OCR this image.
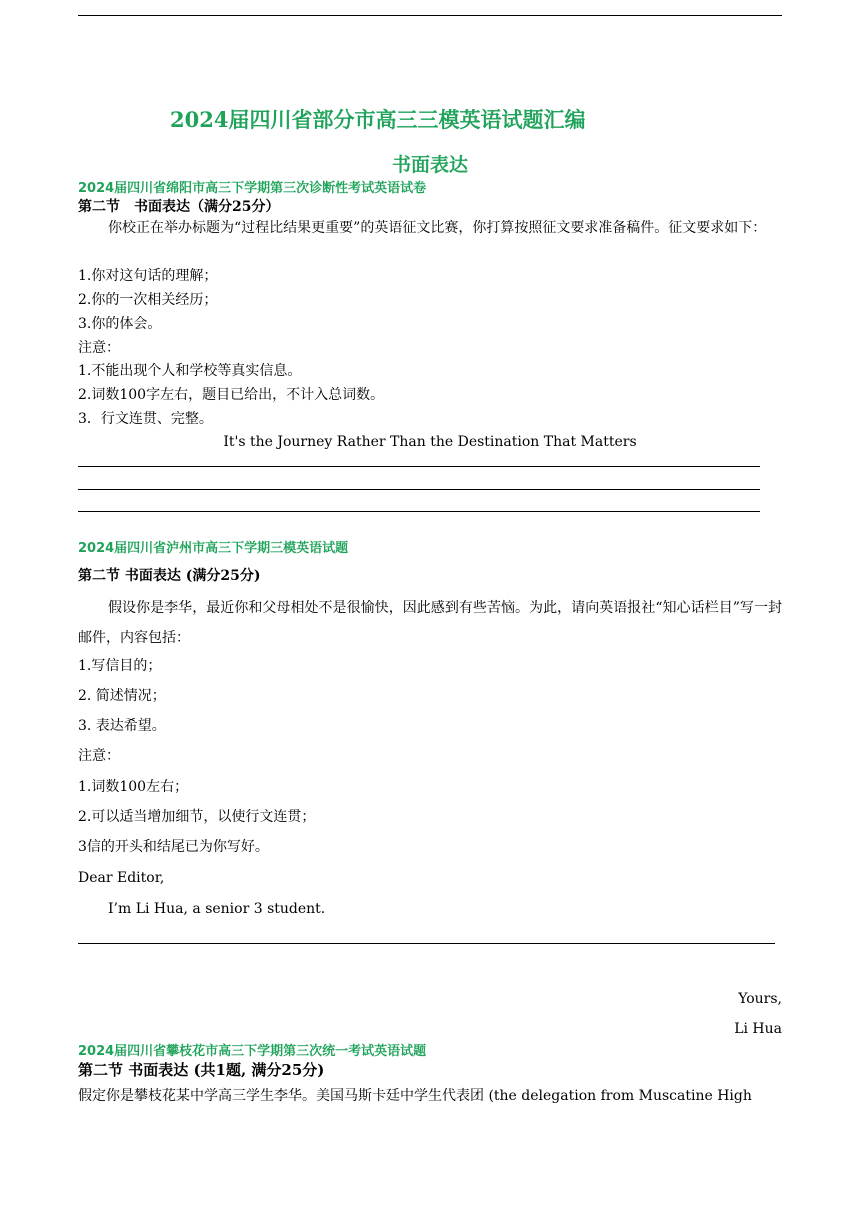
2024届四川省部分市高三三模英语试题汇编
书面表达
2024届四川省绵阳市高三下学期第三次诊断性考试英语试卷
第二节　书面表达（满分25分）
你校正在举办标题为“过程比结果更重要”的英语征文比赛，你打算按照征文要求准备稿件。征文要求如下：
1.你对这句话的理解；
2.你的一次相关经历；
3.你的体会。
注意：
1.不能出现个人和学校等真实信息。
2.词数100字左右，题目已给出，不计入总词数。
3．行文连贯、完整。
It's the Journey Rather Than the Destination That Matters
2024届四川省泸州市高三下学期三模英语试题
第二节 书面表达 (满分25分)
假设你是李华，最近你和父母相处不是很愉快，因此感到有些苦恼。为此，请向英语报社“知心话栏目”写一封邮件，内容包括：
1.写信目的；
2. 简述情况；
3. 表达希望。
注意：
1.词数100左右；
2.可以适当增加细节，以使行文连贯；
3信的开头和结尾已为你写好。
Dear Editor,
I’m Li Hua, a senior 3 student.
Yours,
Li Hua
2024届四川省攀枝花市高三下学期第三次统一考试英语试题
第二节 书面表达 (共1题, 满分25分)
假定你是攀枝花某中学高三学生李华。美国马斯卡廷中学生代表团 (the delegation from Muscatine High
